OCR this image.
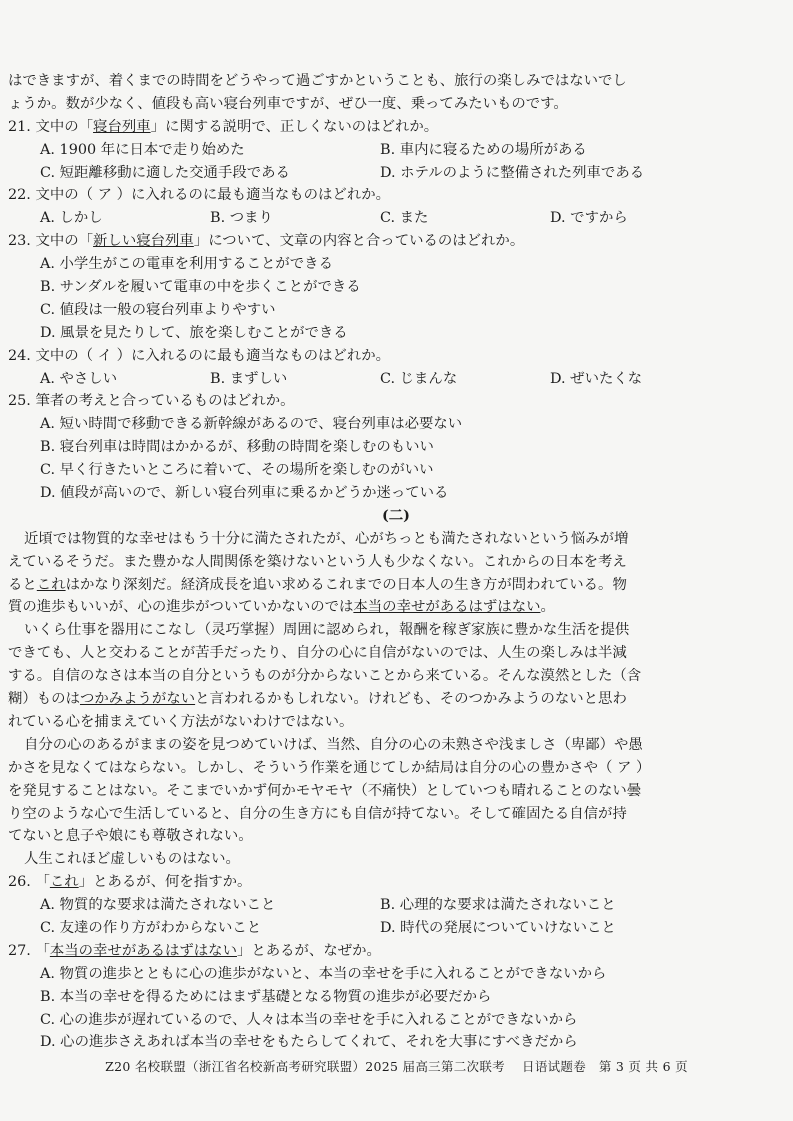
はできますが、着くまでの時間をどうやって過ごすかということも、旅行の楽しみではないでし
ょうか。数が少なく、値段も高い寝台列車ですが、ぜひ一度、乗ってみたいものです。
21. 文中の「寝台列車」に関する説明で、正しくないのはどれか。
A. 1900 年に日本で走り始めた	B. 車内に寝るための場所がある
C. 短距離移動に適した交通手段である	D. ホテルのように整備された列車である
22. 文中の（ ア ）に入れるのに最も適当なものはどれか。
A. しかし	B. つまり	C. また	D. ですから
23. 文中の「新しい寝台列車」について、文章の内容と合っているのはどれか。
A. 小学生がこの電車を利用することができる
B. サンダルを履いて電車の中を歩くことができる
C. 値段は一般の寝台列車よりやすい
D. 風景を見たりして、旅を楽しむことができる
24. 文中の（ イ ）に入れるのに最も適当なものはどれか。
A. やさしい	B. まずしい	C. じまんな	D. ぜいたくな
25. 筆者の考えと合っているものはどれか。
A. 短い時間で移動できる新幹線があるので、寝台列車は必要ない
B. 寝台列車は時間はかかるが、移動の時間を楽しむのもいい
C. 早く行きたいところに着いて、その場所を楽しむのがいい
D. 値段が高いので、新しい寝台列車に乗るかどうか迷っている
(二)
近頃では物質的な幸せはもう十分に満たされたが、心がちっとも満たされないという悩みが増
えているそうだ。また豊かな人間関係を築けないという人も少なくない。これからの日本を考え
るとこれはかなり深刻だ。経済成長を追い求めるこれまでの日本人の生き方が問われている。物
質の進歩もいいが、心の進歩がついていかないのでは本当の幸せがあるはずはない。
いくら仕事を器用にこなし（灵巧掌握）周囲に認められ，報酬を稼ぎ家族に豊かな生活を提供
できても、人と交わることが苦手だったり、自分の心に自信がないのでは、人生の楽しみは半減
する。自信のなさは本当の自分というものが分からないことから来ている。そんな漠然とした（含
糊）ものはつかみようがないと言われるかもしれない。けれども、そのつかみようのないと思わ
れている心を捕まえていく方法がないわけではない。
自分の心のあるがままの姿を見つめていけば、当然、自分の心の未熟さや浅ましさ（卑鄙）や愚
かさを見なくてはならない。しかし、そういう作業を通じてしか結局は自分の心の豊かさや（ ア ）
を発見することはない。そこまでいかず何かモヤモヤ（不痛快）としていつも晴れることのない曇
り空のような心で生活していると、自分の生き方にも自信が持てない。そして確固たる自信が持
てないと息子や娘にも尊敬されない。
人生これほど虚しいものはない。
26. 「これ」とあるが、何を指すか。
A. 物質的な要求は満たされないこと	B. 心理的な要求は満たされないこと
C. 友達の作り方がわからないこと	D. 時代の発展についていけないこと
27. 「本当の幸せがあるはずはない」とあるが、なぜか。
A. 物質の進歩とともに心の進歩がないと、本当の幸せを手に入れることができないから
B. 本当の幸せを得るためにはまず基礎となる物質の進歩が必要だから
C. 心の進歩が遅れているので、人々は本当の幸せを手に入れることができないから
D. 心の進歩さえあれば本当の幸せをもたらしてくれて、それを大事にすべきだから
Z20 名校联盟（浙江省名校新高考研究联盟）2025 届高三第二次联考　 日语试题卷　第 3 页 共 6 页
